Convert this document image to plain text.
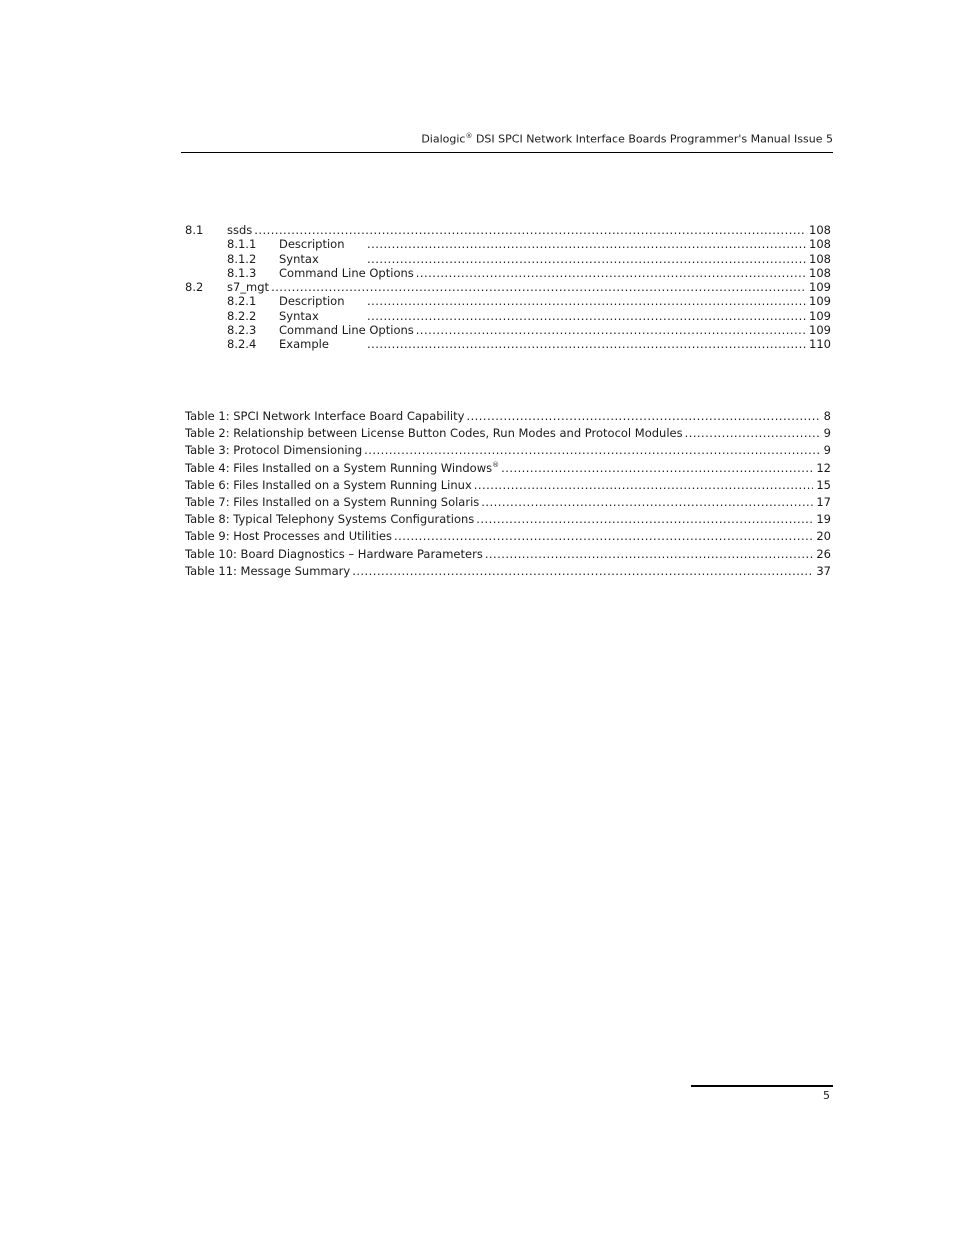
Dialogic® DSI SPCI Network Interface Boards Programmer's Manual Issue 5
8.1 ssds . . .	108
8.1.1 Description . . .	108
8.1.2 Syntax . . .	108
8.1.3 Command Line Options . . .	108
8.2 s7_mgt . . .	109
8.2.1 Description . . .	109
8.2.2 Syntax . . .	109
8.2.3 Command Line Options . . .	109
8.2.4 Example . . .	110
Table 1: SPCI Network Interface Board Capability . . .	8
Table 2: Relationship between License Button Codes, Run Modes and Protocol Modules . . .	9
Table 3: Protocol Dimensioning . . .	9
Table 4: Files Installed on a System Running Windows® . . .	12
Table 6: Files Installed on a System Running Linux . . .	15
Table 7: Files Installed on a System Running Solaris . . .	17
Table 8: Typical Telephony Systems Configurations . . .	19
Table 9: Host Processes and Utilities . . .	20
Table 10: Board Diagnostics – Hardware Parameters . . .	26
Table 11: Message Summary . . .	37
5
